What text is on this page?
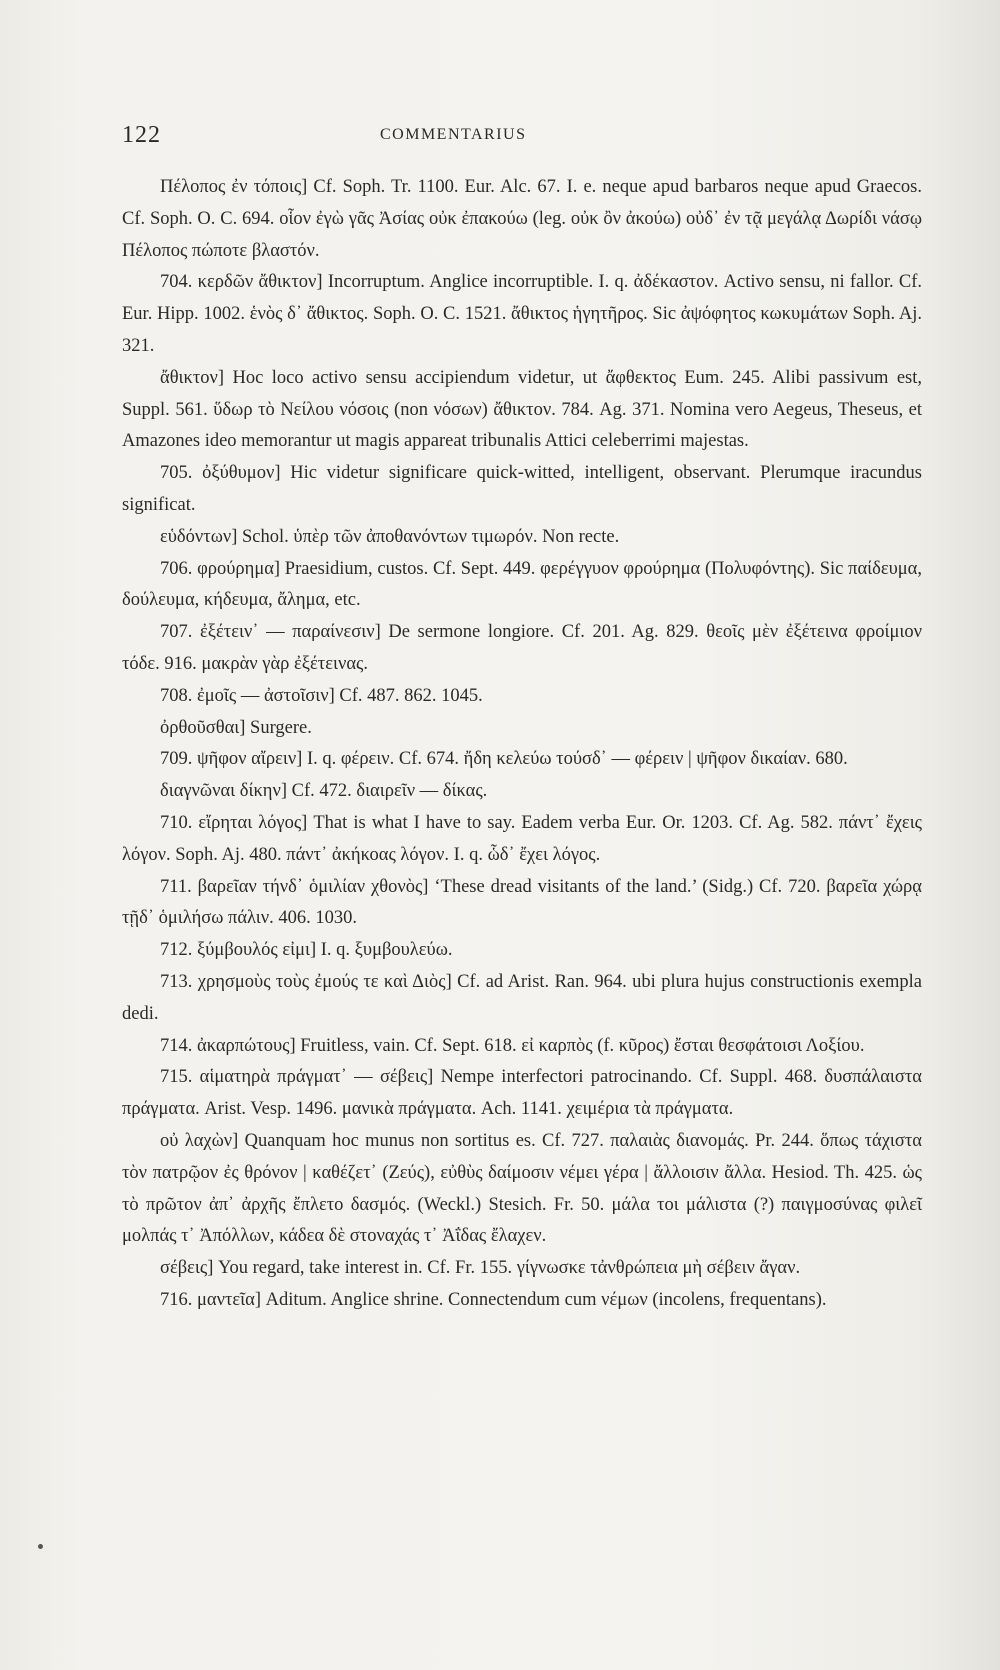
122	COMMENTARIUS

Πέλοπος ἐν τόποις] Cf. Soph. Tr. 1100. Eur. Alc. 67. I. e. neque apud barbaros neque apud Graecos. Cf. Soph. O. C. 694. οἷον ἐγὼ γᾶς Ἀσίας οὐκ ἐπακούω (leg. οὐκ ὂν ἀκούω) οὐδ᾽ ἐν τᾷ μεγάλᾳ Δωρίδι νάσῳ Πέλοπος πώποτε βλαστόν.

704. κερδῶν ἄθικτον] Incorruptum. Anglice incorruptible. I. q. ἀδέκαστον. Activo sensu, ni fallor. Cf. Eur. Hipp. 1002. ἑνὸς δ᾽ ἄθικτος. Soph. O. C. 1521. ἄθικτος ἡγητῆρος. Sic ἀψόφητος κωκυμάτων Soph. Aj. 321.

ἄθικτον] Hoc loco activo sensu accipiendum videtur, ut ἄφθεκτος Eum. 245. Alibi passivum est, Suppl. 561. ὕδωρ τὸ Νείλου νόσοις (non νόσων) ἄθικτον. 784. Ag. 371. Nomina vero Aegeus, Theseus, et Amazones ideo memorantur ut magis appareat tribunalis Attici celeberrimi majestas.

705. ὀξύθυμον] Hic videtur significare quick-witted, intelligent, observant. Plerumque iracundus significat.

εὑδόντων] Schol. ὑπὲρ τῶν ἀποθανόντων τιμωρόν. Non recte.

706. φρούρημα] Praesidium, custos. Cf. Sept. 449. φερέγγυον φρούρημα (Πολυφόντης). Sic παίδευμα, δούλευμα, κήδευμα, ἄλημα, etc.

707. ἐξέτειν᾽ — παραίνεσιν] De sermone longiore. Cf. 201. Ag. 829. θεοῖς μὲν ἐξέτεινα φροίμιον τόδε. 916. μακρὰν γὰρ ἐξέτεινας.

708. ἐμοῖς — ἀστοῖσιν] Cf. 487. 862. 1045.

ὀρθοῦσθαι] Surgere.

709. ψῆφον αἴρειν] I. q. φέρειν. Cf. 674. ἤδη κελεύω τούσδ᾽ — φέρειν | ψῆφον δικαίαν. 680.

διαγνῶναι δίκην] Cf. 472. διαιρεῖν — δίκας.

710. εἴρηται λόγος] That is what I have to say. Eadem verba Eur. Or. 1203. Cf. Ag. 582. πάντ᾽ ἔχεις λόγον. Soph. Aj. 480. πάντ᾽ ἀκήκοας λόγον. I. q. ὧδ᾽ ἔχει λόγος.

711. βαρεῖαν τήνδ᾽ ὁμιλίαν χθονὸς] ‘These dread visitants of the land.’ (Sidg.) Cf. 720. βαρεῖα χώρᾳ τῇδ᾽ ὁμιλήσω πάλιν. 406. 1030.

712. ξύμβουλός εἰμι] I. q. ξυμβουλεύω.

713. χρησμοὺς τοὺς ἐμούς τε καὶ Διὸς] Cf. ad Arist. Ran. 964. ubi plura hujus constructionis exempla dedi.

714. ἀκαρπώτους] Fruitless, vain. Cf. Sept. 618. εἰ καρπὸς (f. κῦρος) ἔσται θεσφάτοισι Λοξίου.

715. αἱματηρὰ πράγματ᾽ — σέβεις] Nempe interfectori patrocinando. Cf. Suppl. 468. δυσπάλαιστα πράγματα. Arist. Vesp. 1496. μανικὰ πράγματα. Ach. 1141. χειμέρια τὰ πράγματα.

οὐ λαχὼν] Quanquam hoc munus non sortitus es. Cf. 727. παλαιὰς διανομάς. Pr. 244. ὅπως τάχιστα τὸν πατρῷον ἐς θρόνον | καθέζετ᾽ (Ζεύς), εὐθὺς δαίμοσιν νέμει γέρα | ἄλλοισιν ἄλλα. Hesiod. Th. 425. ὡς τὸ πρῶτον ἀπ᾽ ἀρχῆς ἔπλετο δασμός. (Weckl.) Stesich. Fr. 50. μάλα τοι μάλιστα (?) παιγμοσύνας φιλεῖ μολπάς τ᾽ Ἀπόλλων, κάδεα δὲ στοναχάς τ᾽ Ἀΐδας ἔλαχεν.

σέβεις] You regard, take interest in. Cf. Fr. 155. γίγνωσκε τἀνθρώπεια μὴ σέβειν ἄγαν.

716. μαντεῖα] Aditum. Anglice shrine. Connectendum cum νέμων (incolens, frequentans).
